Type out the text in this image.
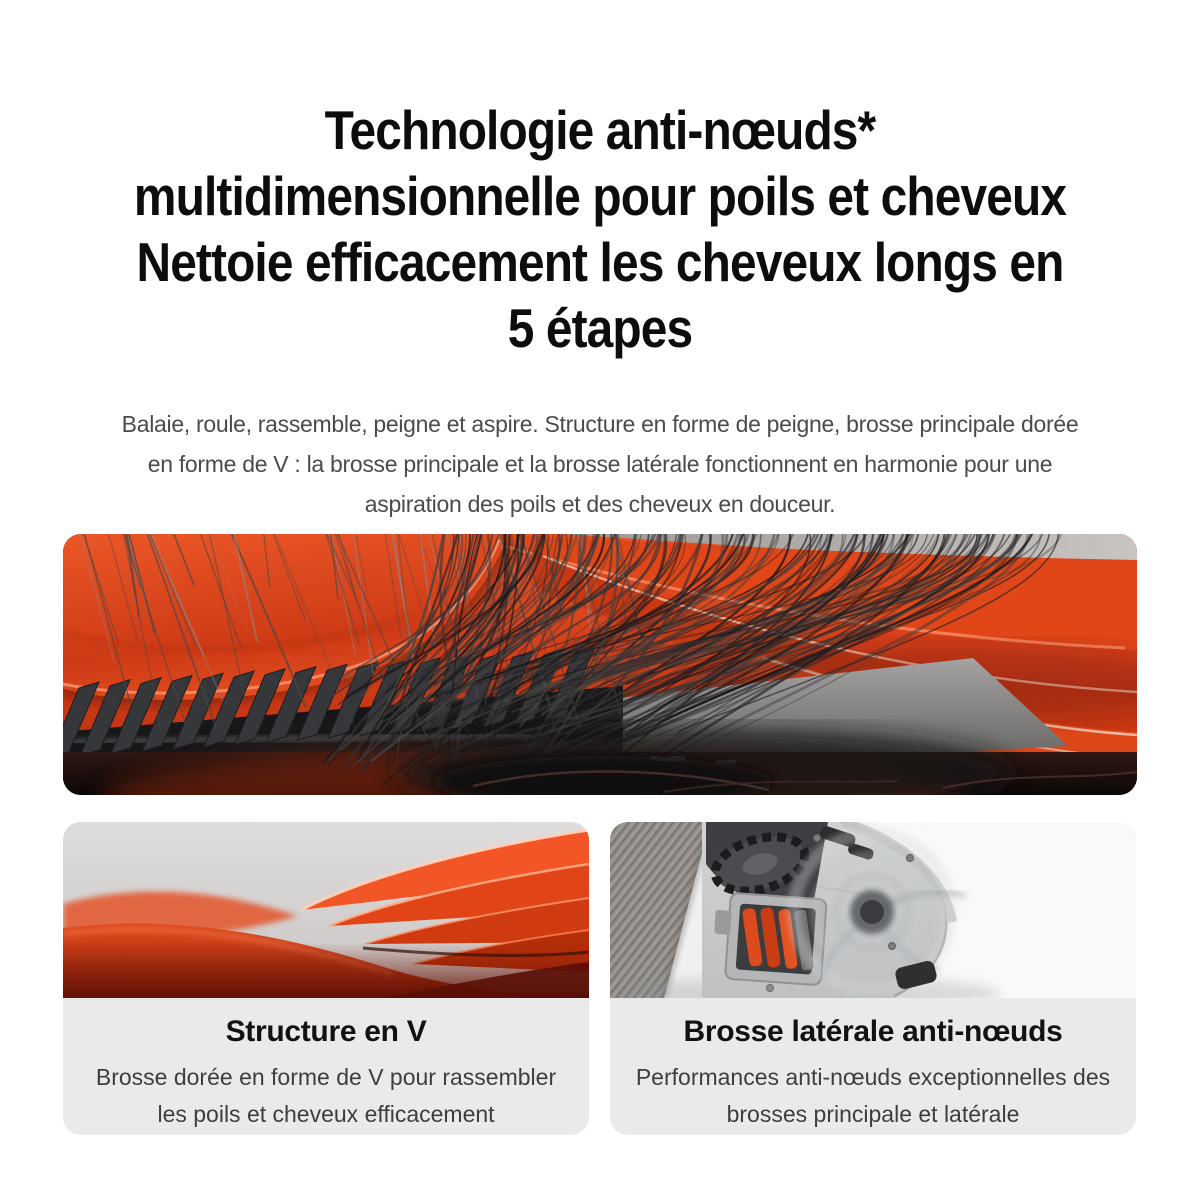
Technologie anti-nœuds*
multidimensionnelle pour poils et cheveux
Nettoie efficacement les cheveux longs en
5 étapes

Balaie, roule, rassemble, peigne et aspire. Structure en forme de peigne, brosse principale dorée
en forme de V : la brosse principale et la brosse latérale fonctionnent en harmonie pour une
aspiration des poils et des cheveux en douceur.

Structure en V
Brosse dorée en forme de V pour rassembler
les poils et cheveux efficacement
Brosse latérale anti-nœuds
Performances anti-nœuds exceptionnelles des
brosses principale et latérale
